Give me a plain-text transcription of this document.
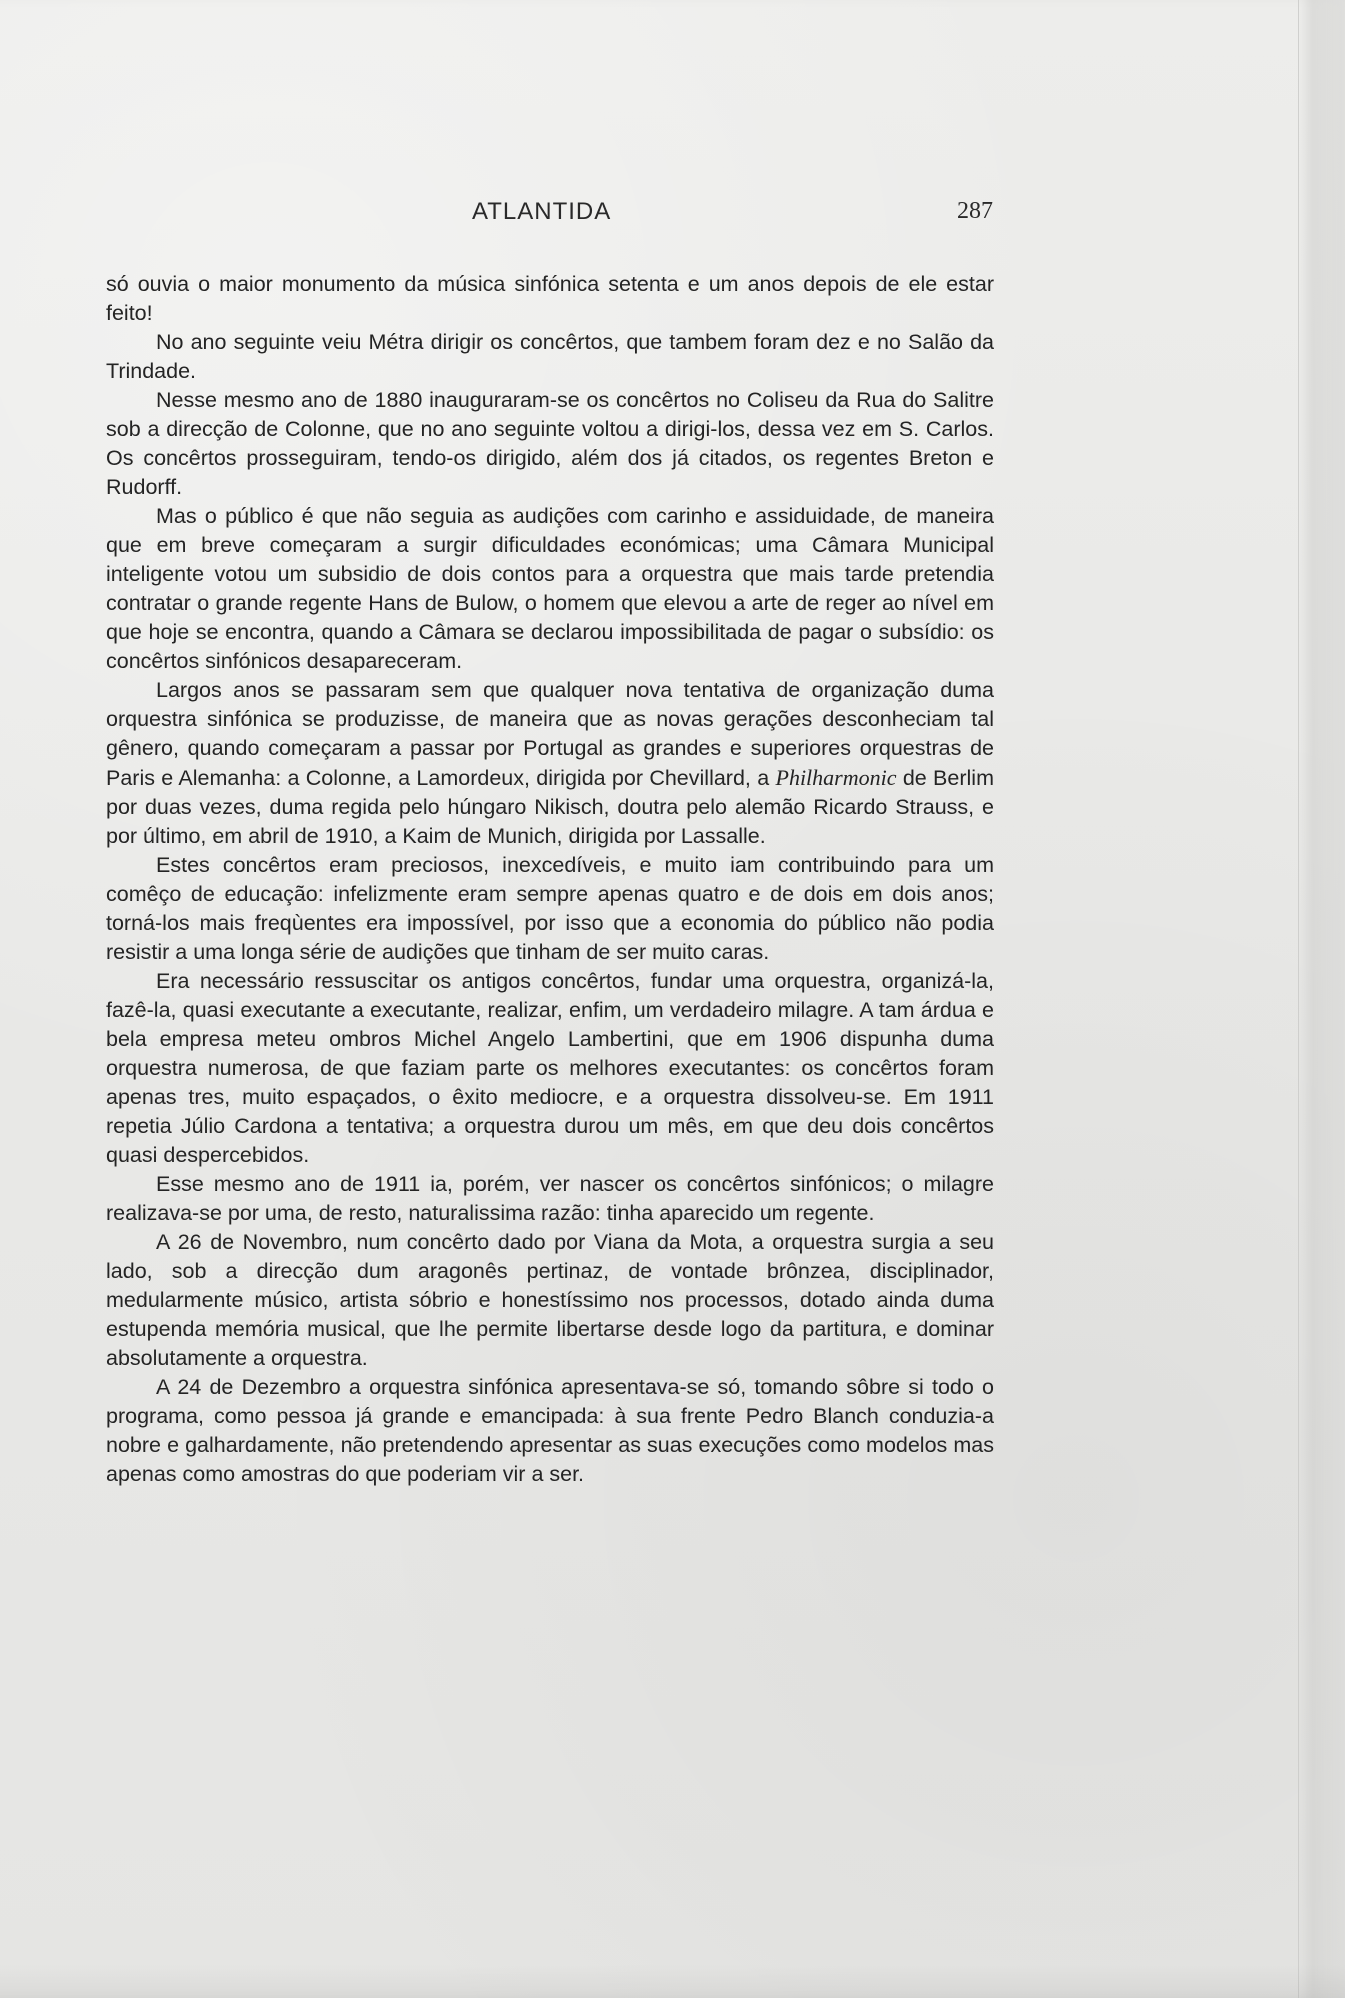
ATLANTIDA	287

só ouvia o maior monumento da música sinfónica setenta e um anos depois de ele estar feito!

No ano seguinte veiu Métra dirigir os concêrtos, que tambem foram dez e no Salão da Trindade.

Nesse mesmo ano de 1880 inauguraram-se os concêrtos no Coliseu da Rua do Salitre sob a direcção de Colonne, que no ano seguinte voltou a dirigi-los, dessa vez em S. Carlos. Os concêrtos prosseguiram, tendo-os dirigido, além dos já citados, os regentes Breton e Rudorff.

Mas o público é que não seguia as audições com carinho e assiduidade, de maneira que em breve começaram a surgir dificuldades económicas; uma Câmara Municipal inteligente votou um subsidio de dois contos para a orquestra que mais tarde pretendia contratar o grande regente Hans de Bulow, o homem que elevou a arte de reger ao nível em que hoje se encontra, quando a Câmara se declarou impossibilitada de pagar o subsídio: os concêrtos sinfónicos desapareceram.

Largos anos se passaram sem que qualquer nova tentativa de organização duma orquestra sinfónica se produzisse, de maneira que as novas gerações desconheciam tal gênero, quando começaram a passar por Portugal as grandes e superiores orquestras de Paris e Alemanha: a Colonne, a Lamordeux, dirigida por Chevillard, a Philharmonic de Berlim por duas vezes, duma regida pelo húngaro Nikisch, doutra pelo alemão Ricardo Strauss, e por último, em abril de 1910, a Kaim de Munich, dirigida por Lassalle.

Estes concêrtos eram preciosos, inexcedíveis, e muito iam contribuindo para um comêço de educação: infelizmente eram sempre apenas quatro e de dois em dois anos; torná-los mais freqùentes era impossível, por isso que a economia do público não podia resistir a uma longa série de audições que tinham de ser muito caras.

Era necessário ressuscitar os antigos concêrtos, fundar uma orquestra, organizá-la, fazê-la, quasi executante a executante, realizar, enfim, um verdadeiro milagre. A tam árdua e bela empresa meteu ombros Michel Angelo Lambertini, que em 1906 dispunha duma orquestra numerosa, de que faziam parte os melhores executantes: os concêrtos foram apenas tres, muito espaçados, o êxito mediocre, e a orquestra dissolveu-se. Em 1911 repetia Júlio Cardona a tentativa; a orquestra durou um mês, em que deu dois concêrtos quasi despercebidos.

Esse mesmo ano de 1911 ia, porém, ver nascer os concêrtos sinfónicos; o milagre realizava-se por uma, de resto, naturalissima razão: tinha aparecido um regente.

A 26 de Novembro, num concêrto dado por Viana da Mota, a orquestra surgia a seu lado, sob a direcção dum aragonês pertinaz, de vontade brônzea, disciplinador, medularmente músico, artista sóbrio e honestíssimo nos processos, dotado ainda duma estupenda memória musical, que lhe permite libertarse desde logo da partitura, e dominar absolutamente a orquestra.

A 24 de Dezembro a orquestra sinfónica apresentava-se só, tomando sôbre si todo o programa, como pessoa já grande e emancipada: à sua frente Pedro Blanch conduzia-a nobre e galhardamente, não pretendendo apresentar as suas execuções como modelos mas apenas como amostras do que poderiam vir a ser.
